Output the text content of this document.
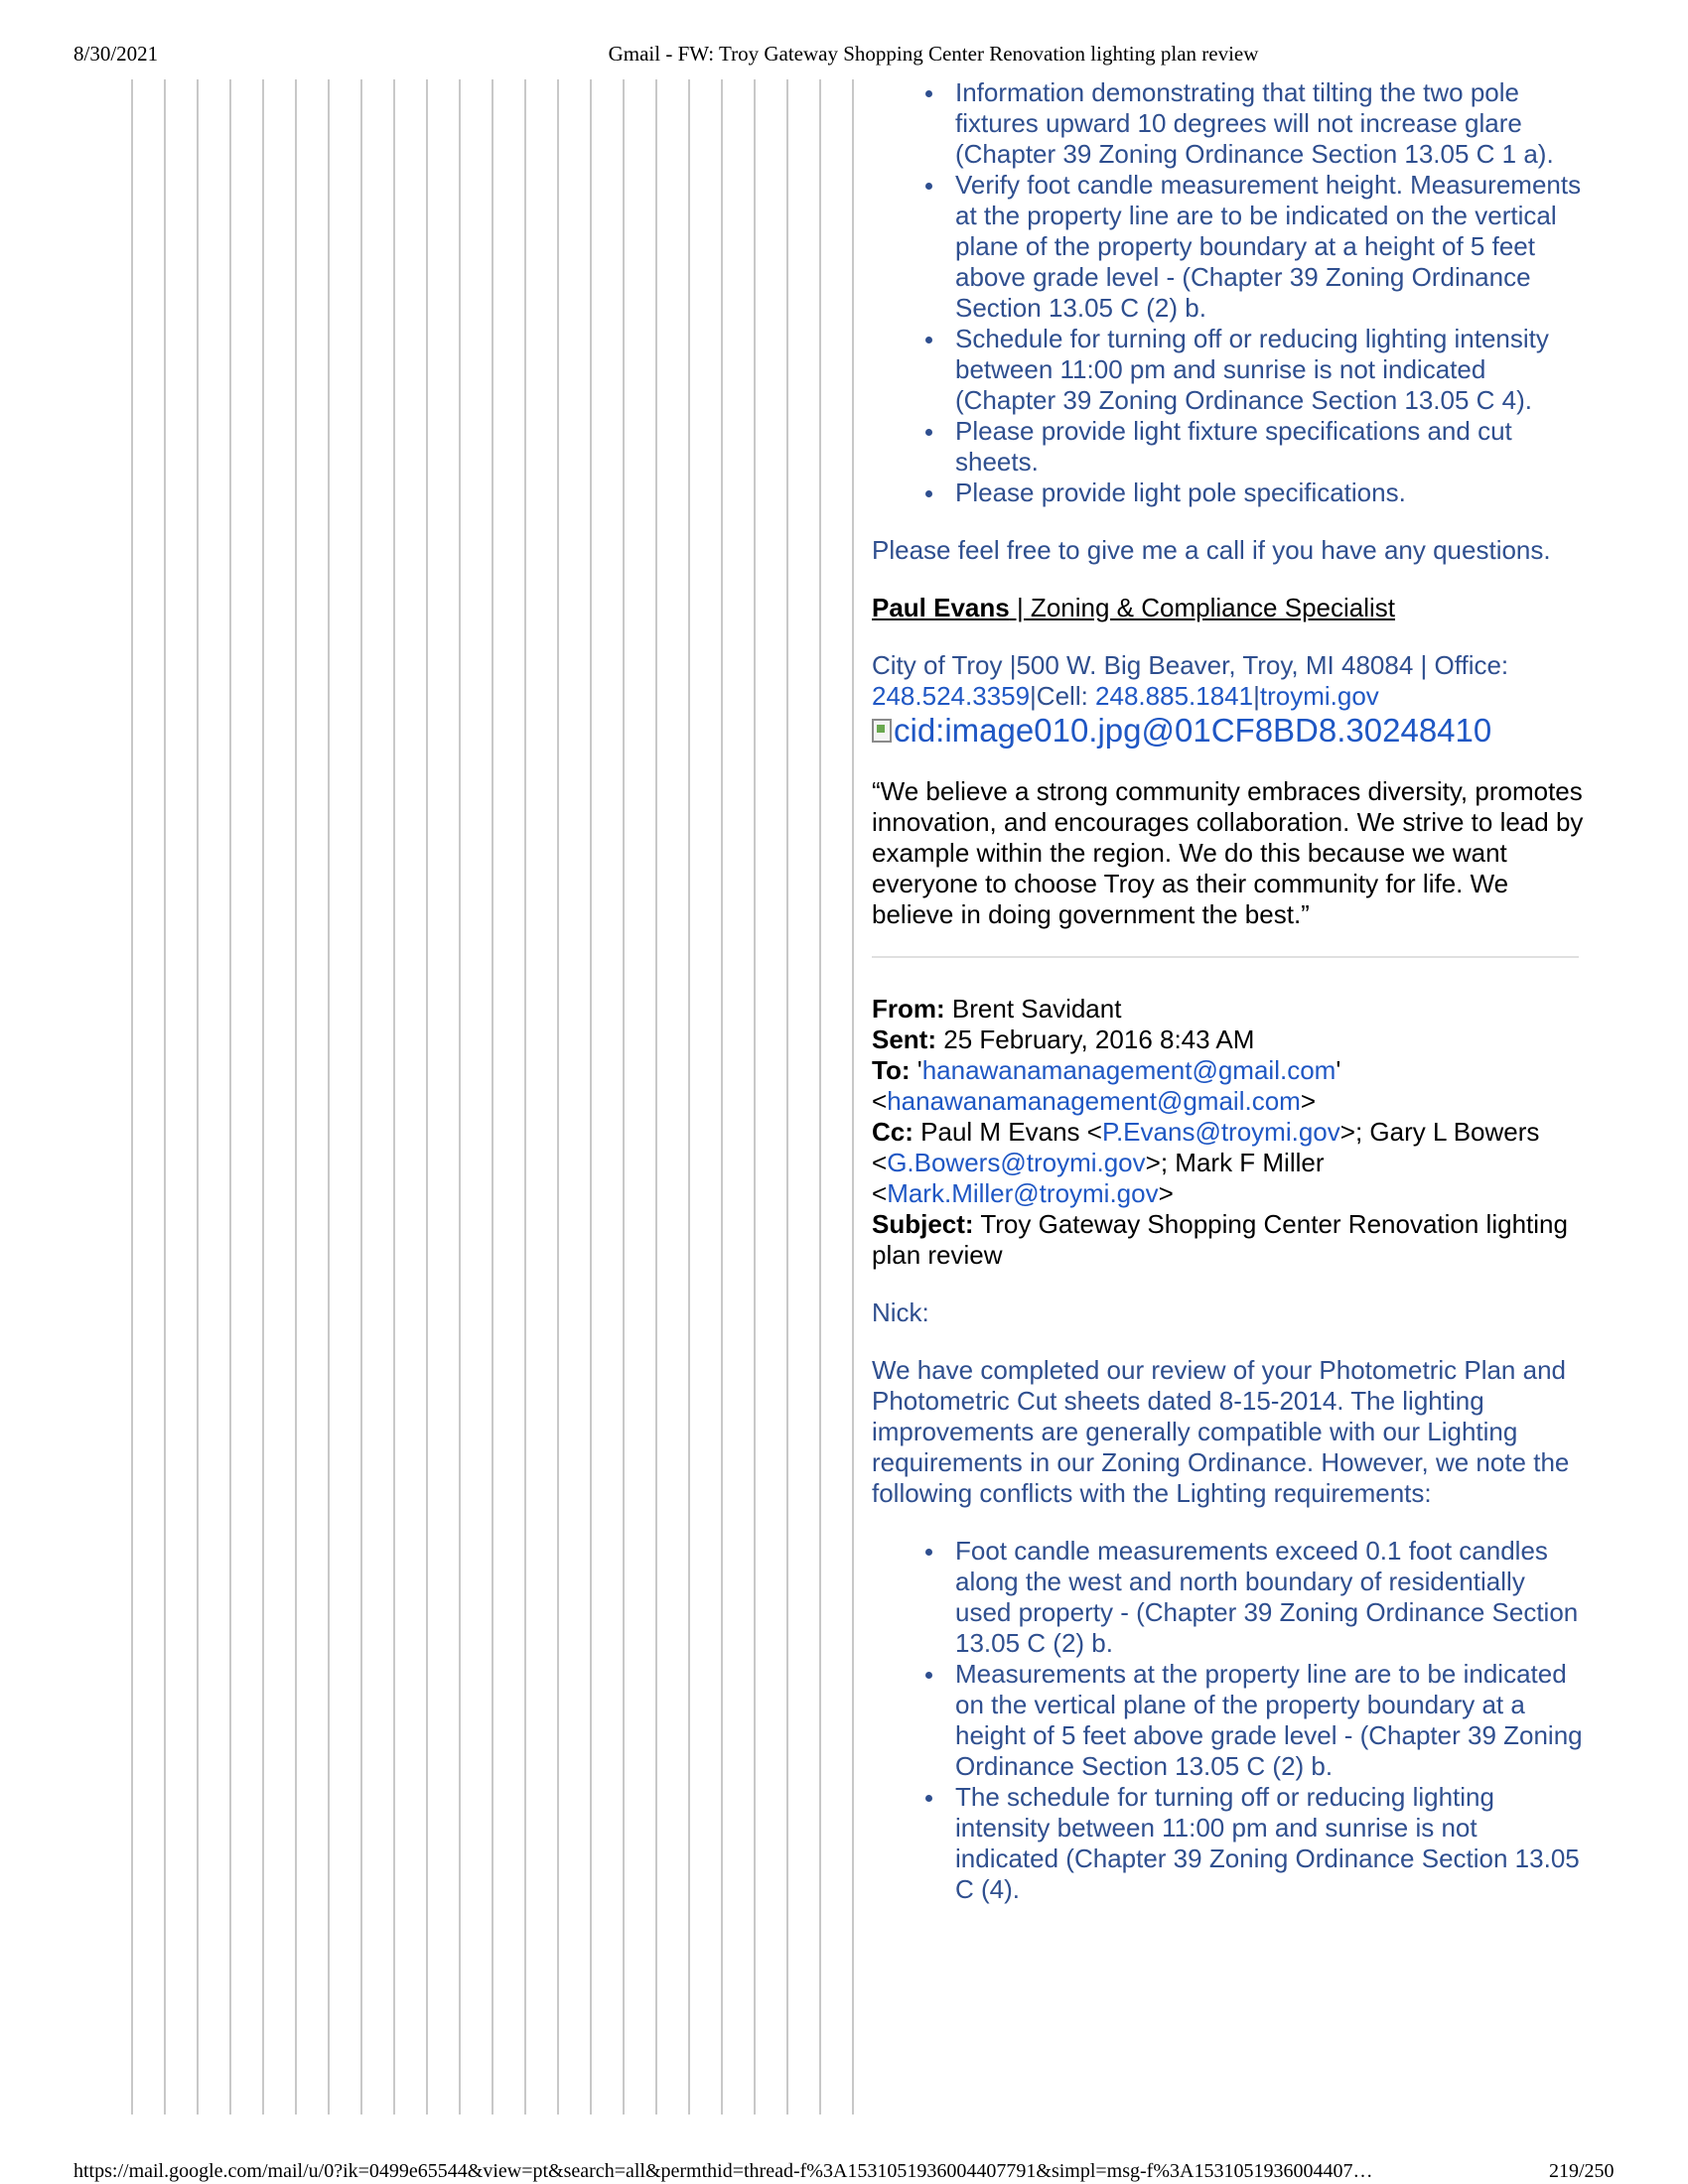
8/30/2021	Gmail - FW: Troy Gateway Shopping Center Renovation lighting plan review
Information demonstrating that tilting the two pole fixtures upward 10 degrees will not increase glare (Chapter 39 Zoning Ordinance Section 13.05 C 1 a).
Verify foot candle measurement height. Measurements at the property line are to be indicated on the vertical plane of the property boundary at a height of 5 feet above grade level - (Chapter 39 Zoning Ordinance Section 13.05 C (2) b.
Schedule for turning off or reducing lighting intensity between 11:00 pm and sunrise is not indicated (Chapter 39 Zoning Ordinance Section 13.05 C 4).
Please provide light fixture specifications and cut sheets.
Please provide light pole specifications.

Please feel free to give me a call if you have any questions.

Paul Evans | Zoning & Compliance Specialist

City of Troy |500 W. Big Beaver, Troy, MI 48084 | Office:
248.524.3359|Cell: 248.885.1841|troymi.gov

cid:image010.jpg@01CF8BD8.30248410

“We believe a strong community embraces diversity, promotes innovation, and encourages collaboration. We strive to lead by example within the region. We do this because we want everyone to choose Troy as their community for life. We believe in doing government the best.”

From: Brent Savidant

Sent: 25 February, 2016 8:43 AM

To: 'hanawanamanagement@gmail.com'
<hanawanamanagement@gmail.com>

Cc: Paul M Evans <P.Evans@troymi.gov>; Gary L Bowers
<G.Bowers@troymi.gov>; Mark F Miller
<Mark.Miller@troymi.gov>

Subject: Troy Gateway Shopping Center Renovation lighting plan review

Nick:

We have completed our review of your Photometric Plan and Photometric Cut sheets dated 8-15-2014. The lighting improvements are generally compatible with our Lighting requirements in our Zoning Ordinance. However, we note the following conflicts with the Lighting requirements:

Foot candle measurements exceed 0.1 foot candles along the west and north boundary of residentially used property - (Chapter 39 Zoning Ordinance Section 13.05 C (2) b.
Measurements at the property line are to be indicated on the vertical plane of the property boundary at a height of 5 feet above grade level - (Chapter 39 Zoning Ordinance Section 13.05 C (2) b.
The schedule for turning off or reducing lighting intensity between 11:00 pm and sunrise is not indicated (Chapter 39 Zoning Ordinance Section 13.05 C (4).
https://mail.google.com/mail/u/0?ik=0499e65544&view=pt&search=all&permthid=thread-f%3A1531051936004407791&simpl=msg-f%3A1531051936004407…	219/250
